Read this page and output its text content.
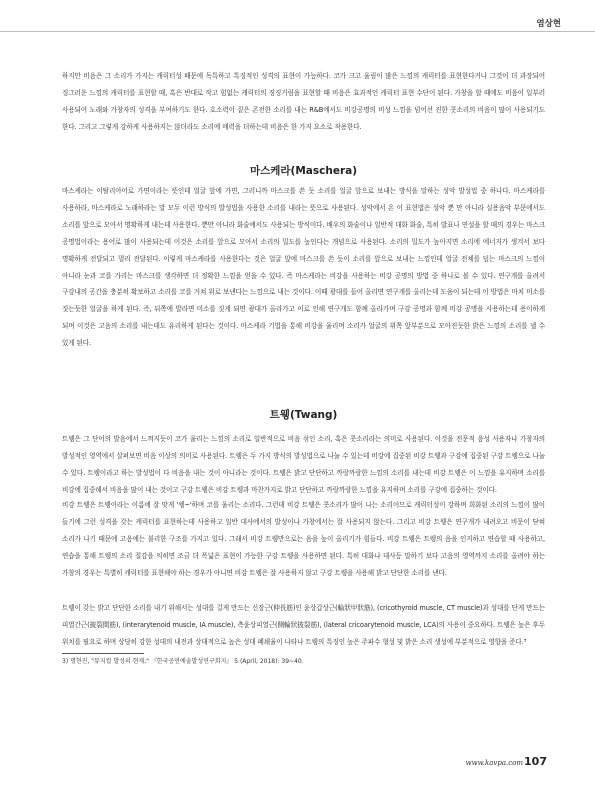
염상현

하지만 비음은 그 소리가 가지는 캐릭터성 때문에 독특하고 특징적인 성격의 표현이 가능하다. 코가 크고 울림이 많은 느낌의 캐릭터를 표현한다거나 그것이 더 과장되어 징그러운 느낌의 캐릭터를 표현할 때, 혹은 반대로 작고 힘없는 캐릭터의 징징거림을 표현할 때 비음은 효과적인 캐릭터 표현 수단이 된다. 가창을 할 때에도 비음이 일부러 사용되어 노래와 가창자의 성격을 부여하기도 한다. 호소력이 짙은 콘전한 소리를 내는 R&B에서도 비강공명의 비성 느낌을 넘어선 진한 콧소리의 비음이 많이 사용되기도 한다. 그리고 그렇게 강하게 사용하지는 않더라도 소리에 매력을 더하는데 비음은 한 가지 요소로 작용한다.

마스케라(Maschera)

마스케라는 이탈리아어로 가면이라는 뜻인데 얼굴 앞에 가면, 그러니까 마스크를 쓴 듯 소리를 얼굴 앞으로 보내는 방식을 말하는 성악 발성법 중 하나다. 마스케라를 사용하라, 마스케라로 노래하라는 말 모두 이런 방식의 발성법을 사용한 소리를 내라는 뜻으로 사용된다. 성악에서 온 이 표현법은 성악 뿐 만 아니라 실용음악 부문에서도 소리를 앞으로 모아서 명확하게 내는데 사용한다. 뿐만 아니라 화술에서도 사용되는 방식이다. 배우의 화술이나 일반적 대화 화술, 특히 발표나 연설을 할 때의 경우는 마스크 공명법이라는 용어로 많이 사용되는데 이것은 소리를 앞으로 모아서 소리의 밀도를 높인다는 개념으로 사용된다. 소리의 밀도가 높아지면 소리에 에너지가 생겨서 보다 명확하게 전달되고 멀리 전달된다. 이렇게 마스케라를 사용한다는 것은 얼굴 앞에 마스크를 쓴 듯이 소리를 앞으로 보내는 느낌인데 얼굴 전체를 덮는 마스크의 느낌이 아니라 눈과 코를 가리는 마스크를 생각하면 더 정확한 느낌을 얻을 수 있다. 즉 마스케라는 비강을 사용하는 비강 공명의 방법 중 하나로 볼 수 있다. 연구개를 올려서 구강내의 공간을 충분히 확보하고 소리를 코를 거쳐 위로 보낸다는 느낌으로 내는 것이다. 이때 광대를 들어 올리면 연구개를 올리는데 도움이 되는데 이 방법은 마치 미소를 짓는듯한 얼굴을 하게 된다. 즉, 뒤쪽에 발라면 미소를 짓게 되면 광대가 올라가고 이로 인해 연구개도 함께 올라가며 구강 공명과 함께 비강 공명을 사용하는데 용이하게 되며 이것은 고음의 소리를 내는데도 유리하게 된다는 것이다. 마스케라 기법을 통해 비강을 울리며 소리가 얼굴의 위쪽 앞부분으로 모아진듯한 밝은 느낌의 소리를 낼 수 있게 된다.

트웽(Twang)

트웽은 그 단어의 발음에서 느껴지듯이 코가 울리는 느낌의 소리로 일반적으로 비음 섞인 소리, 혹은 콧소리라는 의미로 사용된다. 이것을 전문적 음성 사용자나 가창자의 발성적인 영역에서 살펴보면 비음 이상의 의미로 사용된다. 트웽은 두 가지 방식의 발성법으로 나눌 수 있는데 비강에 집중된 비강 트웽과 구강에 집중된 구강 트웽으로 나눌 수 있다. 트웽이라고 하는 발성법이 다 비음을 내는 것이 아니라는 것이다. 트웽은 밝고 단단하고 까랑까랑한 느낌의 소리를 내는데 비강 트웽은 이 느낌을 유지하며 소리를 비강에 집중해서 비음을 많이 내는 것이고 구강 트웽은 비강 트웽과 마찬가지로 밝고 단단하고 까랑까랑한 느낌을 유지하며 소리를 구강에 집중하는 것이다.

비강 트웽은 트웽이라는 이름에 잘 맞게 '웽~'하며 코를 울리는 소리다. 그런데 비강 트웽은 콧소리가 많이 나는 소리이므로 캐릭터성이 강하며 희화된 소리의 느낌이 많이 들기에 그런 성격을 갖는 캐릭터를 표현하는데 사용하고 일반 대사에서의 발성이나 가창에서는 잘 사용되지 않는다. 그리고 비강 트웽은 연구개가 내려오고 비문이 닫혀 소리가 나기 때문에 고음에는 불리한 구조를 가지고 있다. 그래서 비강 트웽만으로는 음을 높이 올리기가 힘들다. 비강 트웽은 트웽의 음을 인지하고 연습할 때 사용하고, 연습을 통해 트웽의 소리 질감을 익히면 조금 더 폭넓은 표현이 가능한 구강 트웽을 사용하면 된다. 특히 대화나 대사등 말하기 보다 고음의 영역까지 소리를 올려야 하는 가창의 경우는 특별히 캐릭터를 표현해야 하는 경우가 아니면 비강 트웽은 잘 사용하지 않고 구강 트웽을 사용해 밝고 단단한 소리를 낸다.

트웽이 갖는 밝고 단단한 소리를 내기 위해서는 성대를 길게 만드는 신장근(伸長筋)인 윤상갑상근(輪狀甲狀筋), (cricothyroid muscle, CT muscle)과 성대를 단게 만드는 피열간근(披裂間筋), (interarytenoid muscle, IA muscle), 측윤상피열근(側輪狀披裂筋), (lateral cricoarytenoid muscle, LCA)의 사용이 중요하다. 트웽은 높은 후두 위치를 필요로 하며 상당히 강한 성대의 내전과 상대적으로 높은 성대 폐쇄율이 나타나 트웽의 특징인 높은 주파수 형성 및 밝은 소리 생성에 부분적으로 영향을 준다.³

3) 명현진, "뮤지컬 발성의 현재," 『한국공연예술발성연구회지』 5 (April, 2018): 39~40.

www.kavpa.com 107
